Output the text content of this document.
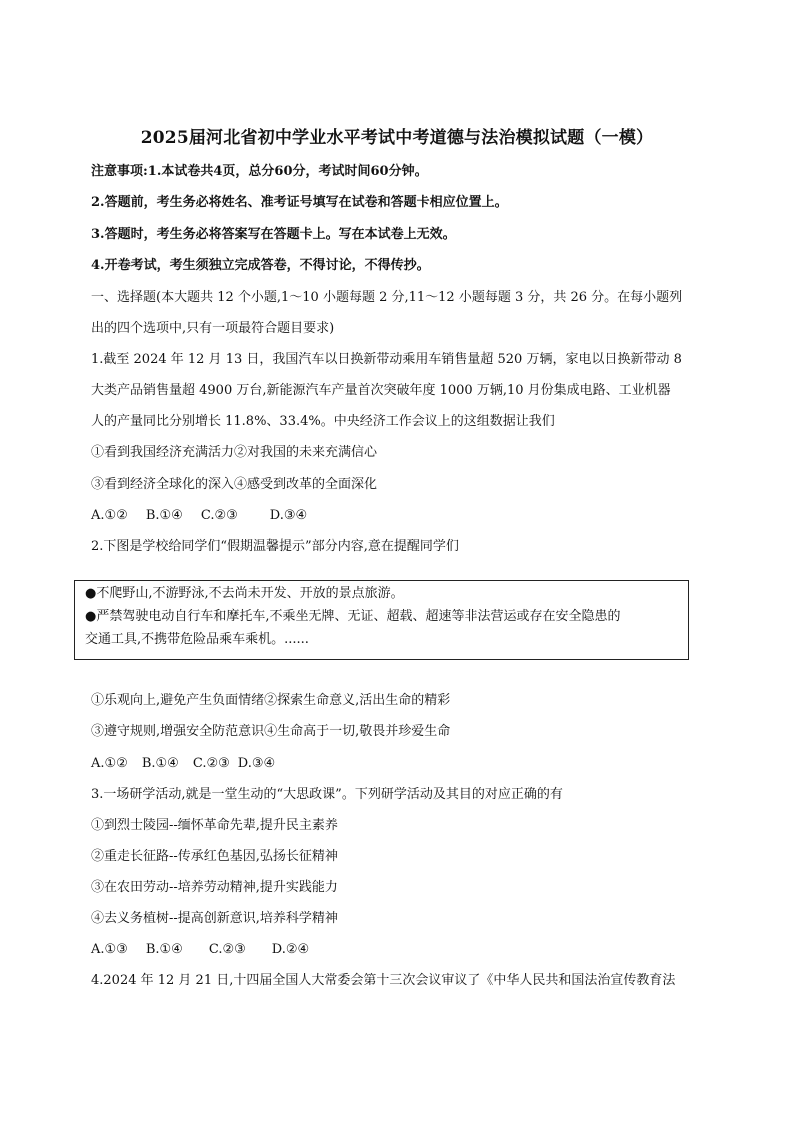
2025届河北省初中学业水平考试中考道德与法治模拟试题（一模）
注意事项:1.本试卷共4页，总分60分，考试时间60分钟。
2.答题前，考生务必将姓名、准考证号填写在试卷和答题卡相应位置上。
3.答题时，考生务必将答案写在答题卡上。写在本试卷上无效。
4.开卷考试，考生须独立完成答卷，不得讨论，不得传抄。
一、选择题(本大题共 12 个小题,1～10 小题每题 2 分,11～12 小题每题 3 分，共 26 分。在每小题列
出的四个选项中,只有一项最符合题目要求)
1.截至 2024 年 12 月 13 日，我国汽车以日换新带动乘用车销售量超 520 万辆，家电以日换新带动 8
大类产品销售量超 4900 万台,新能源汽车产量首次突破年度 1000 万辆,10 月份集成电路、工业机器
人的产量同比分别增长 11.8%、33.4%。中央经济工作会议上的这组数据让我们
①看到我国经济充满活力②对我国的未来充满信心
③看到经济全球化的深入④感受到改革的全面深化
A.①② B.①④ C.②③ D.③④
2.下图是学校给同学们“假期温馨提示”部分内容,意在提醒同学们
●不爬野山,不游野泳,不去尚未开发、开放的景点旅游。
●严禁驾驶电动自行车和摩托车,不乘坐无牌、无证、超载、超速等非法营运或存在安全隐患的
交通工具,不携带危险品乘车乘机。......
①乐观向上,避免产生负面情绪②探索生命意义,活出生命的精彩
③遵守规则,增强安全防范意识④生命高于一切,敬畏并珍爱生命
A.①② B.①④ C.②③ D.③④
3.一场研学活动,就是一堂生动的“大思政课”。下列研学活动及其目的对应正确的有
①到烈士陵园--缅怀革命先辈,提升民主素养
②重走长征路--传承红色基因,弘扬长征精神
③在农田劳动--培养劳动精神,提升实践能力
④去义务植树--提高创新意识,培养科学精神
A.①③ B.①④ C.②③ D.②④
4.2024 年 12 月 21 日,十四届全国人大常委会第十三次会议审议了《中华人民共和国法治宣传教育法
